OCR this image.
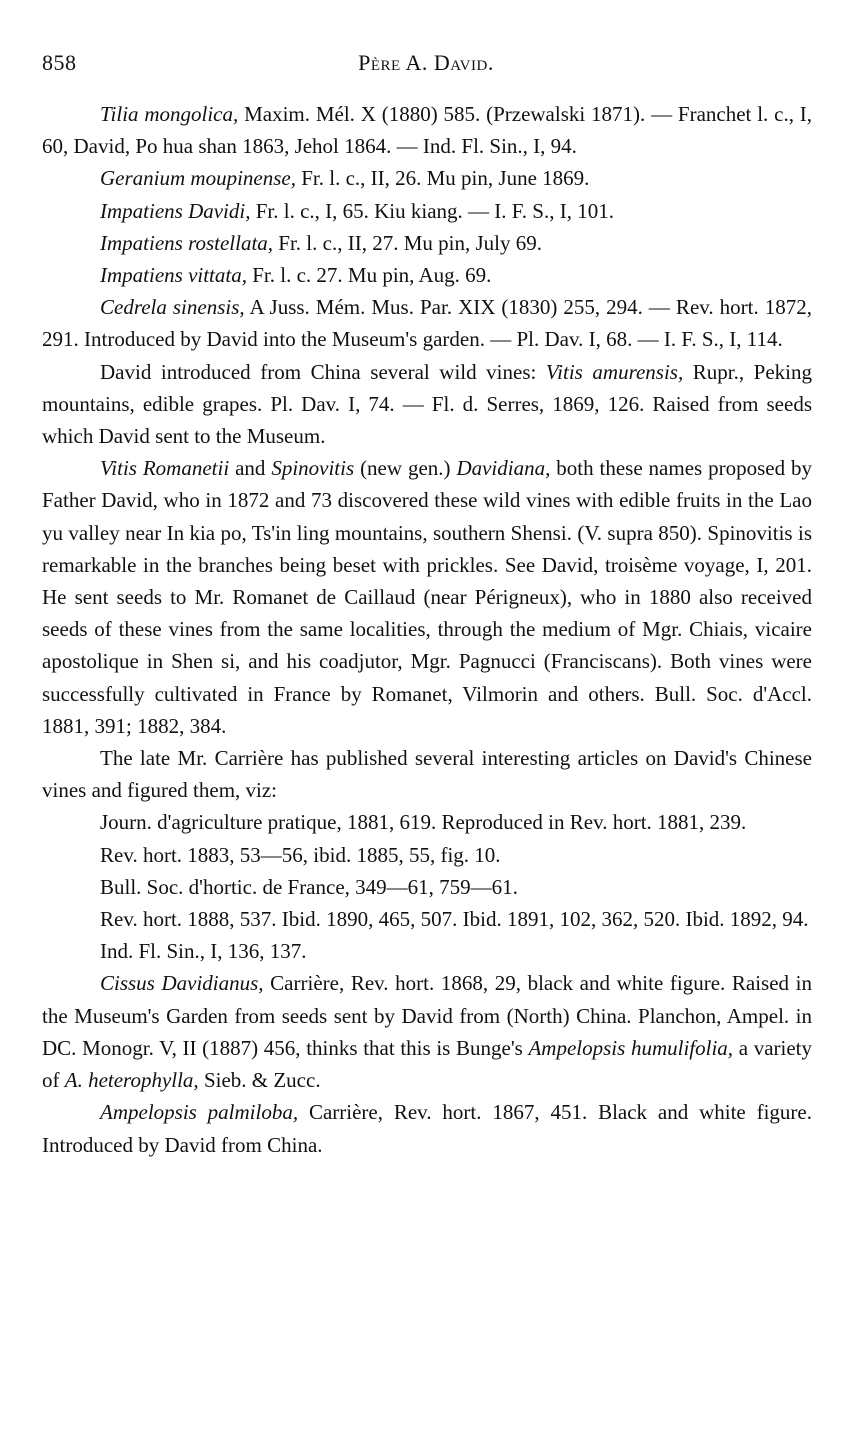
858	Père A. David.

Tilia mongolica, Maxim. Mél. X (1880) 585. (Przewalski 1871). — Franchet l. c., I, 60, David, Po hua shan 1863, Jehol 1864. — Ind. Fl. Sin., I, 94.

Geranium moupinense, Fr. l. c., II, 26. Mu pin, June 1869.

Impatiens Davidi, Fr. l. c., I, 65. Kiu kiang. — I. F. S., I, 101.

Impatiens rostellata, Fr. l. c., II, 27. Mu pin, July 69.

Impatiens vittata, Fr. l. c. 27. Mu pin, Aug. 69.

Cedrela sinensis, A Juss. Mém. Mus. Par. XIX (1830) 255, 294. — Rev. hort. 1872, 291. Introduced by David into the Museum's garden. — Pl. Dav. I, 68. — I. F. S., I, 114.

David introduced from China several wild vines: Vitis amurensis, Rupr., Peking mountains, edible grapes. Pl. Dav. I, 74. — Fl. d. Serres, 1869, 126. Raised from seeds which David sent to the Museum.

Vitis Romanetii and Spinovitis (new gen.) Davidiana, both these names proposed by Father David, who in 1872 and 73 discovered these wild vines with edible fruits in the Lao yu valley near In kia po, Ts'in ling mountains, southern Shensi. (V. supra 850). Spinovitis is remarkable in the branches being beset with prickles. See David, troisème voyage, I, 201. He sent seeds to Mr. Romanet de Caillaud (near Périgneux), who in 1880 also received seeds of these vines from the same localities, through the medium of Mgr. Chiais, vicaire apostolique in Shen si, and his coadjutor, Mgr. Pagnucci (Franciscans). Both vines were successfully cultivated in France by Romanet, Vilmorin and others. Bull. Soc. d'Accl. 1881, 391; 1882, 384.

The late Mr. Carrière has published several interesting articles on David's Chinese vines and figured them, viz:

Journ. d'agriculture pratique, 1881, 619. Reproduced in Rev. hort. 1881, 239.

Rev. hort. 1883, 53—56, ibid. 1885, 55, fig. 10.

Bull. Soc. d'hortic. de France, 349—61, 759—61.

Rev. hort. 1888, 537. Ibid. 1890, 465, 507. Ibid. 1891, 102, 362, 520. Ibid. 1892, 94.

Ind. Fl. Sin., I, 136, 137.

Cissus Davidianus, Carrière, Rev. hort. 1868, 29, black and white figure. Raised in the Museum's Garden from seeds sent by David from (North) China. Planchon, Ampel. in DC. Monogr. V, II (1887) 456, thinks that this is Bunge's Ampelopsis humulifolia, a variety of A. heterophylla, Sieb. & Zucc.

Ampelopsis palmiloba, Carrière, Rev. hort. 1867, 451. Black and white figure. Introduced by David from China.
